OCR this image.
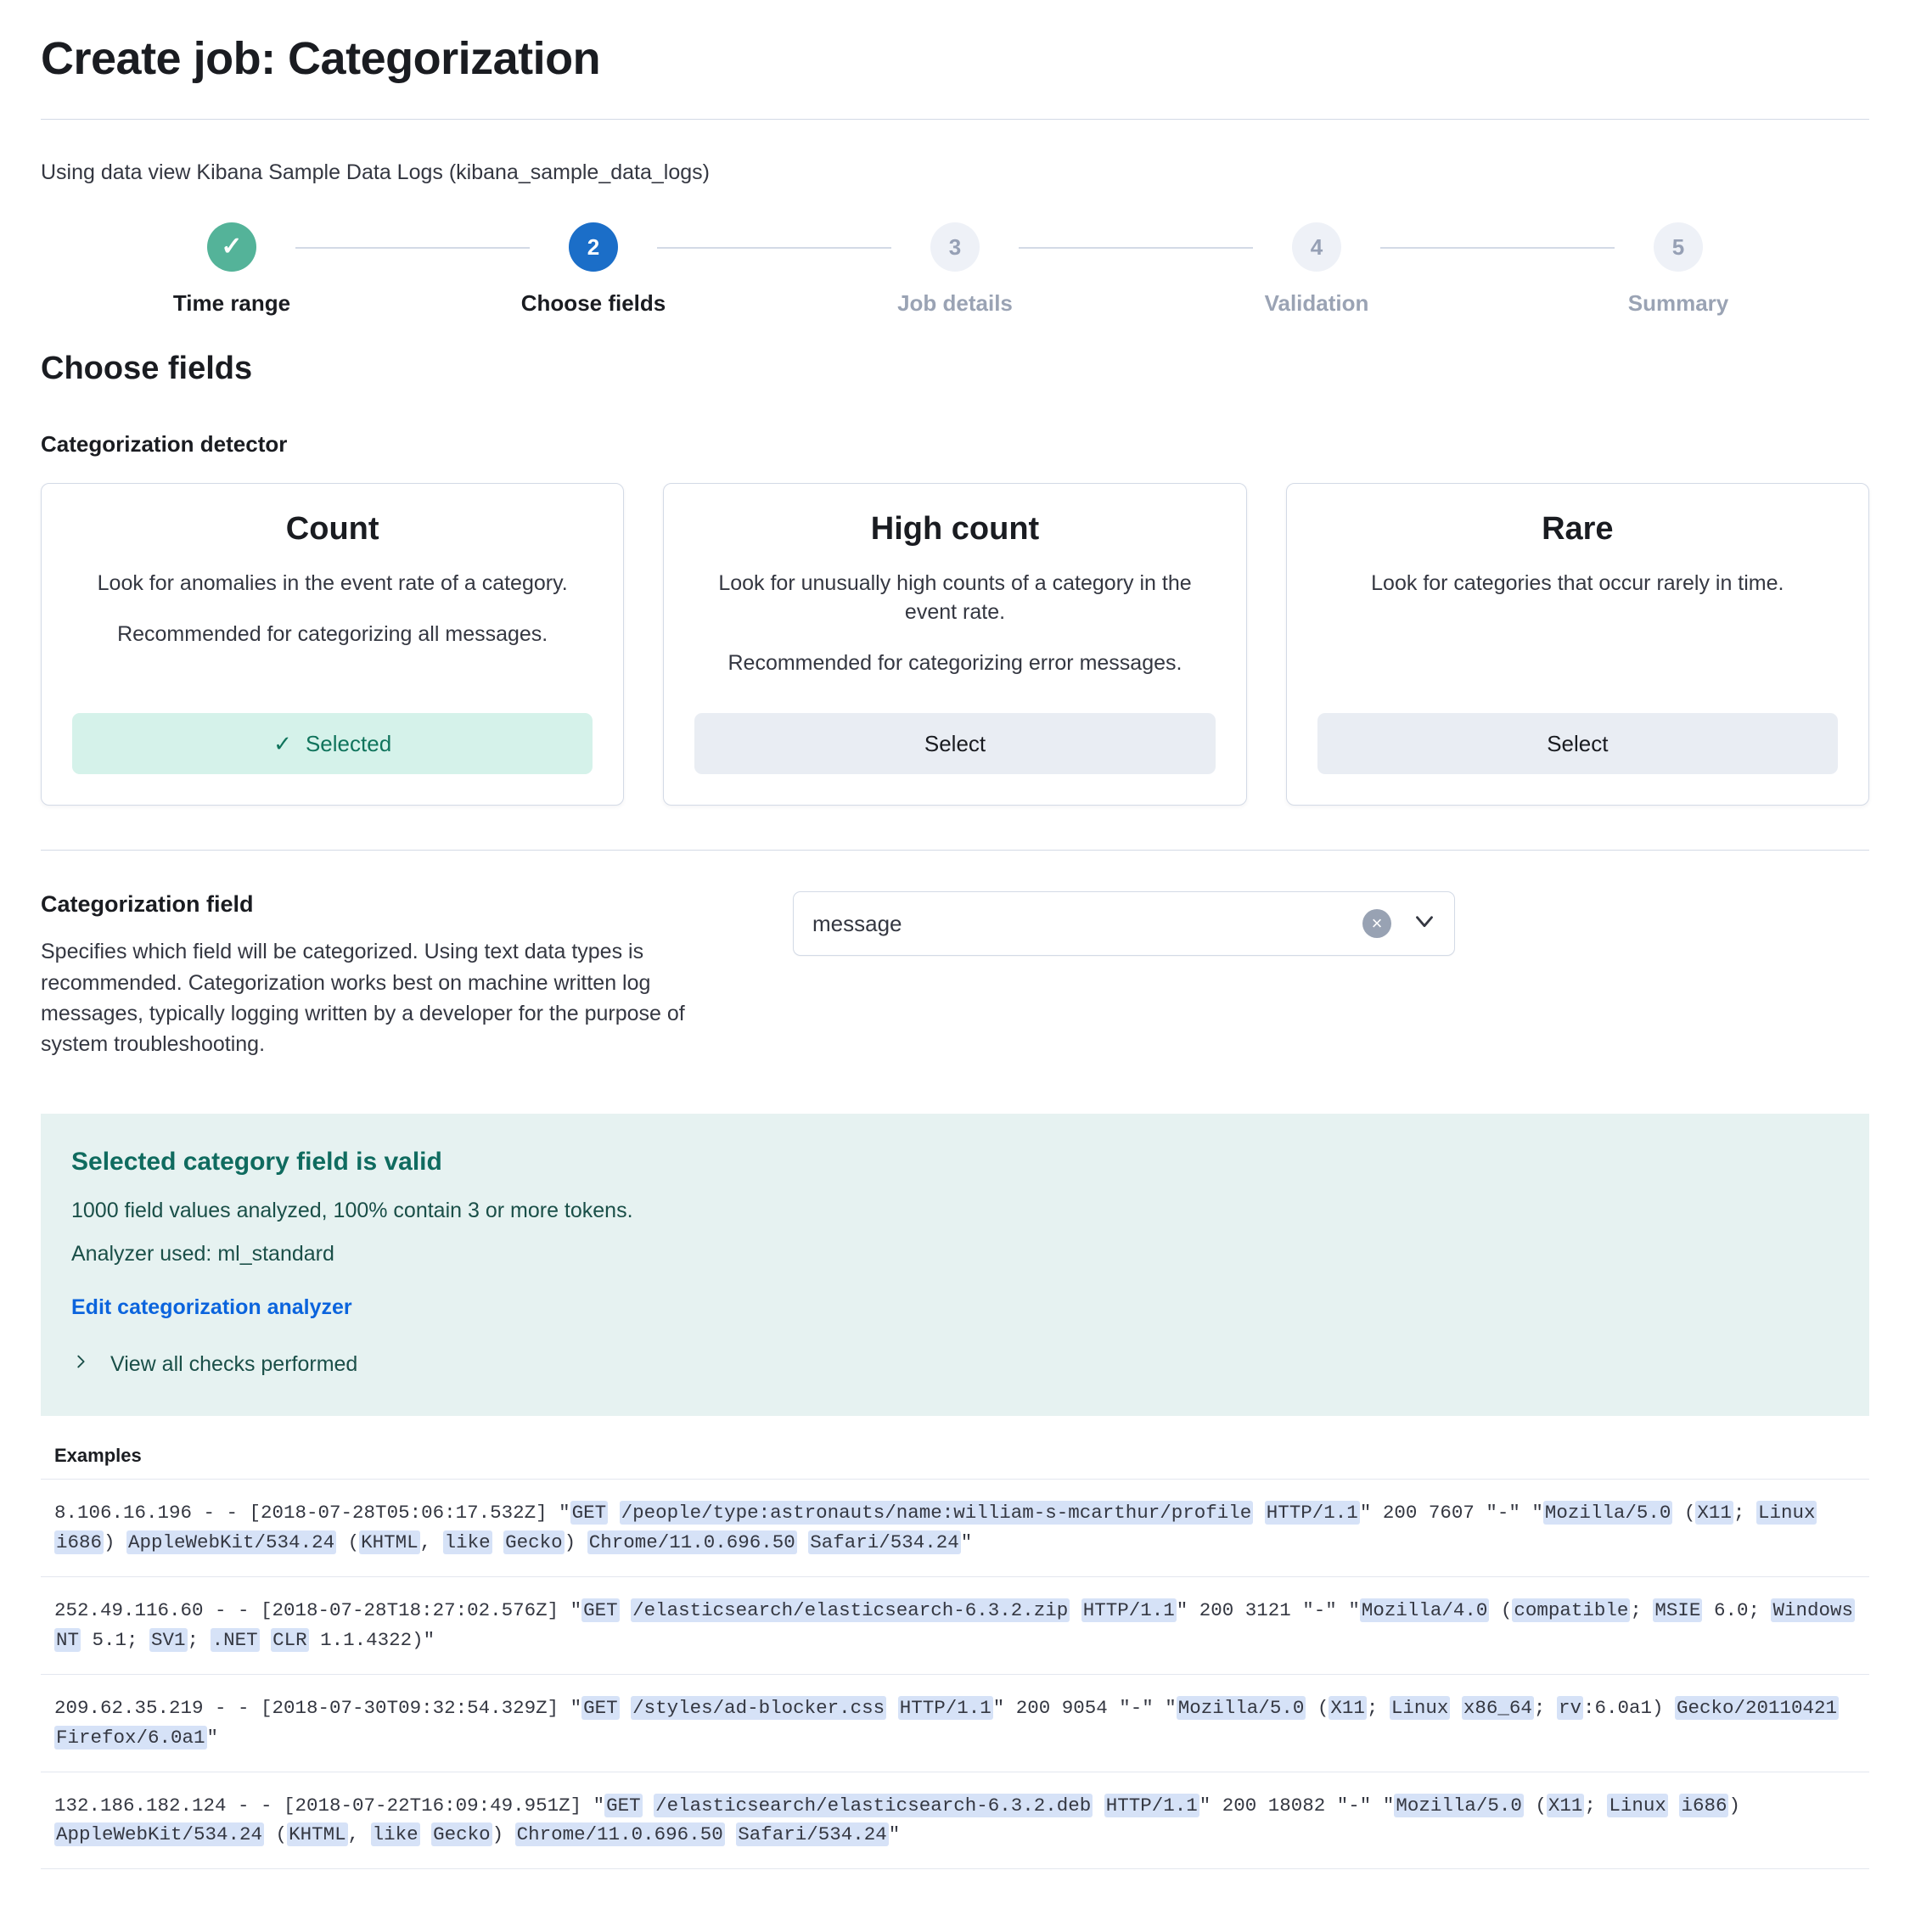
Create job: Categorization
Using data view Kibana Sample Data Logs (kibana_sample_data_logs)
✓
Time range
2
Choose fields
3
Job details
4
Validation
5
Summary
Choose fields
Categorization detector
Count
Look for anomalies in the event rate of a category.
Recommended for categorizing all messages.
✓ Selected
High count
Look for unusually high counts of a category in the event rate.
Recommended for categorizing error messages.
Select
Rare
Look for categories that occur rarely in time.
Select
Categorization field
Specifies which field will be categorized. Using text data types is recommended. Categorization works best on machine written log messages, typically logging written by a developer for the purpose of system troubleshooting.
message	×
Selected category field is valid
1000 field values analyzed, 100% contain 3 or more tokens.
Analyzer used: ml_standard
Edit categorization analyzer
View all checks performed
Examples
8.106.16.196 - - [2018-07-28T05:06:17.532Z] "GET /people/type:astronauts/name:william-s-mcarthur/profile HTTP/1.1" 200 7607 "-" "Mozilla/5.0 (X11; Linux i686) AppleWebKit/534.24 (KHTML, like Gecko) Chrome/11.0.696.50 Safari/534.24"
252.49.116.60 - - [2018-07-28T18:27:02.576Z] "GET /elasticsearch/elasticsearch-6.3.2.zip HTTP/1.1" 200 3121 "-" "Mozilla/4.0 (compatible; MSIE 6.0; Windows NT 5.1; SV1; .NET CLR 1.1.4322)"
209.62.35.219 - - [2018-07-30T09:32:54.329Z] "GET /styles/ad-blocker.css HTTP/1.1" 200 9054 "-" "Mozilla/5.0 (X11; Linux x86_64; rv:6.0a1) Gecko/20110421 Firefox/6.0a1"
132.186.182.124 - - [2018-07-22T16:09:49.951Z] "GET /elasticsearch/elasticsearch-6.3.2.deb HTTP/1.1" 200 18082 "-" "Mozilla/5.0 (X11; Linux i686) AppleWebKit/534.24 (KHTML, like Gecko) Chrome/11.0.696.50 Safari/534.24"
